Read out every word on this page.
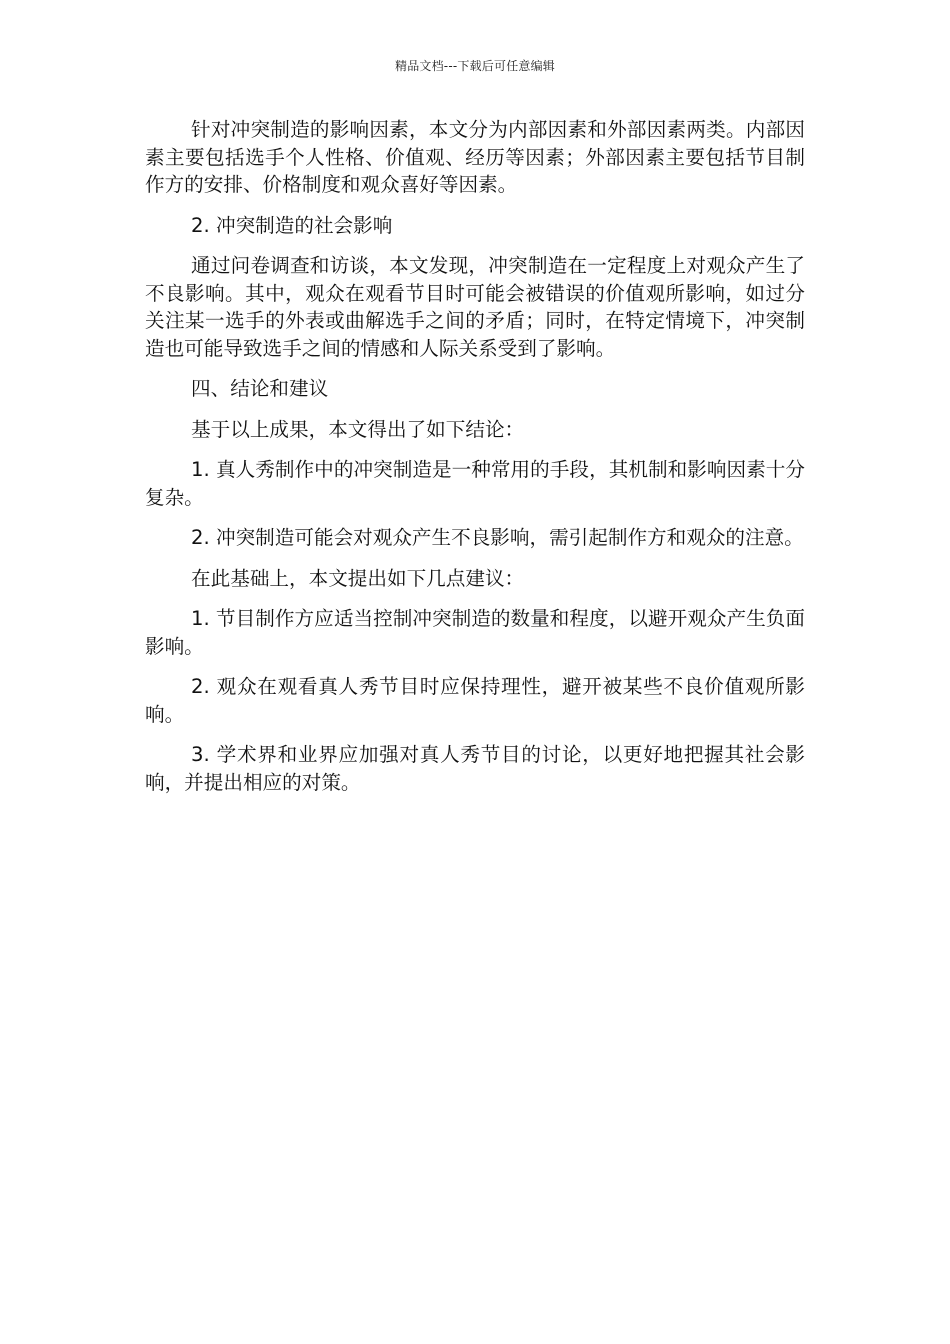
精品文档---下载后可任意编辑

针对冲突制造的影响因素，本文分为内部因素和外部因素两类。内部因素主要包括选手个人性格、价值观、经历等因素；外部因素主要包括节目制作方的安排、价格制度和观众喜好等因素。

2. 冲突制造的社会影响

通过问卷调查和访谈，本文发现，冲突制造在一定程度上对观众产生了不良影响。其中，观众在观看节目时可能会被错误的价值观所影响，如过分关注某一选手的外表或曲解选手之间的矛盾；同时，在特定情境下，冲突制造也可能导致选手之间的情感和人际关系受到了影响。

四、结论和建议

基于以上成果，本文得出了如下结论：

1. 真人秀制作中的冲突制造是一种常用的手段，其机制和影响因素十分复杂。

2. 冲突制造可能会对观众产生不良影响，需引起制作方和观众的注意。

在此基础上，本文提出如下几点建议：

1. 节目制作方应适当控制冲突制造的数量和程度，以避开观众产生负面影响。

2. 观众在观看真人秀节目时应保持理性，避开被某些不良价值观所影响。

3. 学术界和业界应加强对真人秀节目的讨论，以更好地把握其社会影响，并提出相应的对策。
